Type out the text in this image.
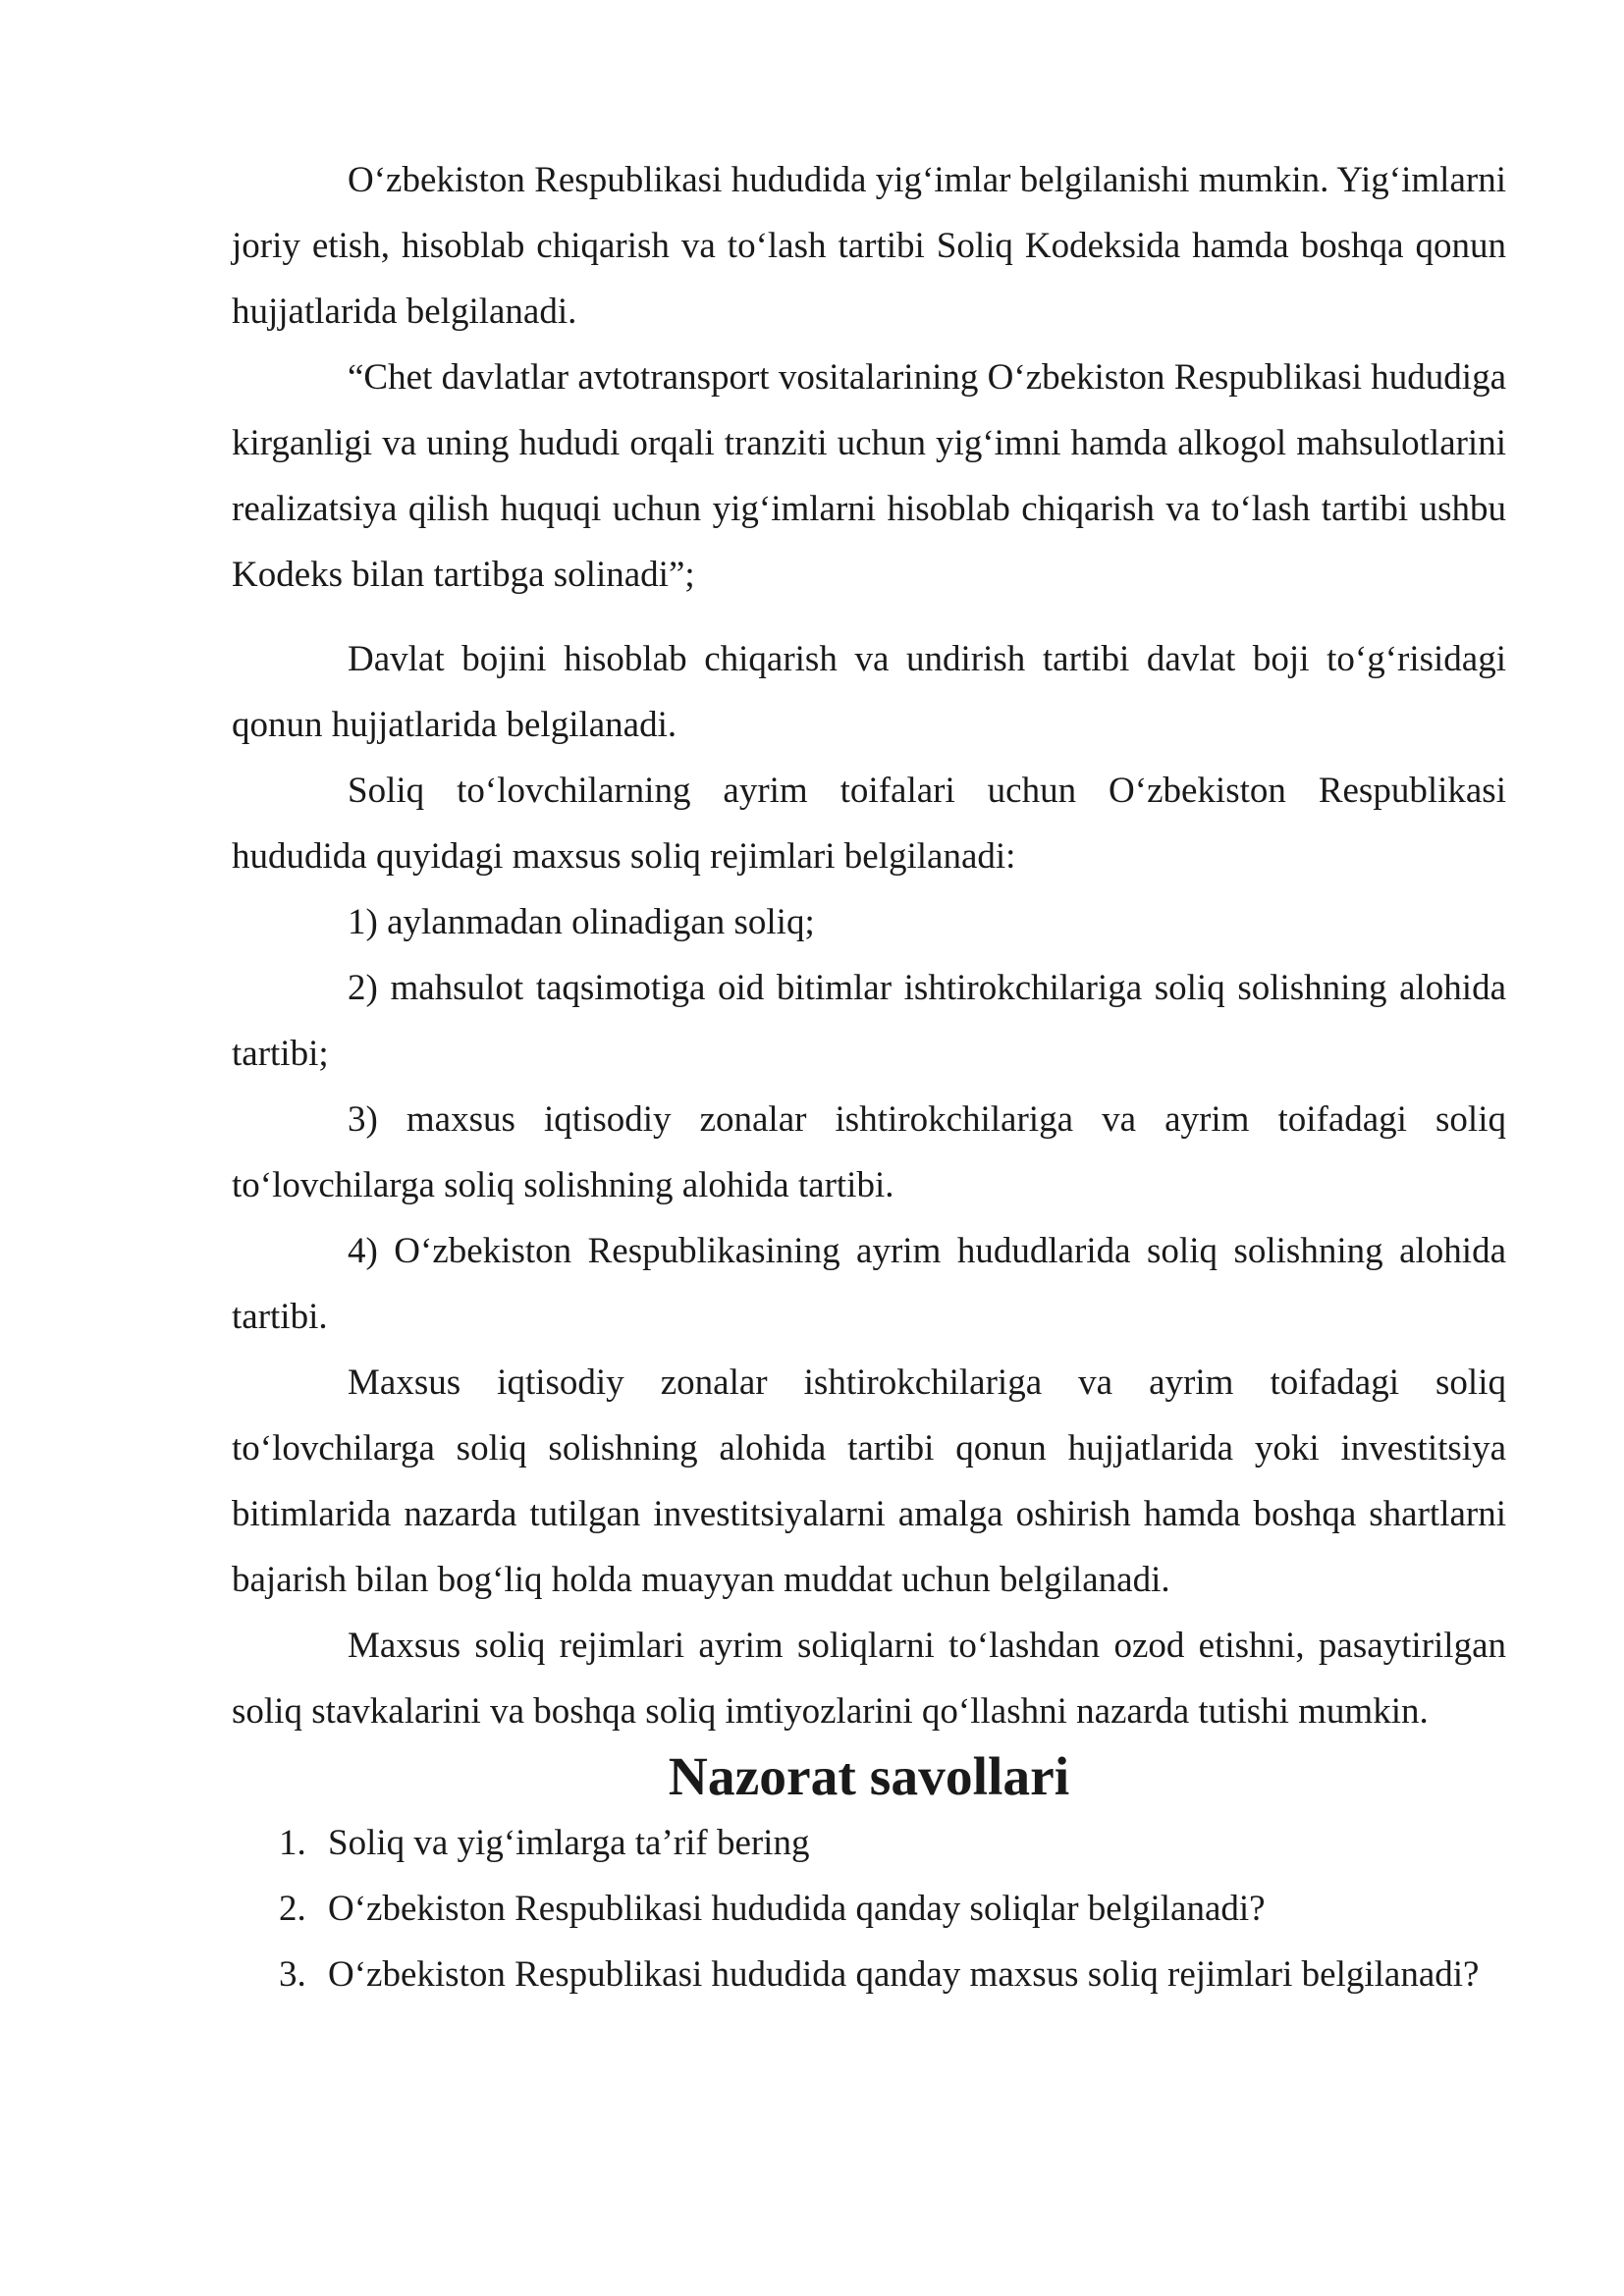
O‘zbekiston Respublikasi hududida yig‘imlar belgilanishi mumkin. Yig‘imlarni joriy etish, hisoblab chiqarish va to‘lash tartibi Soliq Kodeksida hamda boshqa qonun hujjatlarida belgilanadi.

“Chet davlatlar avtotransport vositalarining O‘zbekiston Respublikasi hududiga kirganligi va uning hududi orqali tranziti uchun yig‘imni hamda alkogol mahsulotlarini realizatsiya qilish huquqi uchun yig‘imlarni hisoblab chiqarish va to‘lash tartibi ushbu Kodeks bilan tartibga solinadi”;

Davlat bojini hisoblab chiqarish va undirish tartibi davlat boji to‘g‘risidagi qonun hujjatlarida belgilanadi.

Soliq to‘lovchilarning ayrim toifalari uchun O‘zbekiston Respublikasi hududida quyidagi maxsus soliq rejimlari belgilanadi:

1) aylanmadan olinadigan soliq;

2) mahsulot taqsimotiga oid bitimlar ishtirokchilariga soliq solishning alohida tartibi;

3) maxsus iqtisodiy zonalar ishtirokchilariga va ayrim toifadagi soliq to‘lovchilarga soliq solishning alohida tartibi.

4) O‘zbekiston Respublikasining ayrim hududlarida soliq solishning alohida tartibi.

Maxsus iqtisodiy zonalar ishtirokchilariga va ayrim toifadagi soliq to‘lovchilarga soliq solishning alohida tartibi qonun hujjatlarida yoki investitsiya bitimlarida nazarda tutilgan investitsiyalarni amalga oshirish hamda boshqa shartlarni bajarish bilan bog‘liq holda muayyan muddat uchun belgilanadi.

Maxsus soliq rejimlari ayrim soliqlarni to‘lashdan ozod etishni, pasaytirilgan soliq stavkalarini va boshqa soliq imtiyozlarini qo‘llashni nazarda tutishi mumkin.

Nazorat savollari
1. Soliq va yig‘imlarga ta’rif bering
2. O‘zbekiston Respublikasi hududida qanday soliqlar belgilanadi?
3. O‘zbekiston Respublikasi hududida qanday maxsus soliq rejimlari belgilanadi?
